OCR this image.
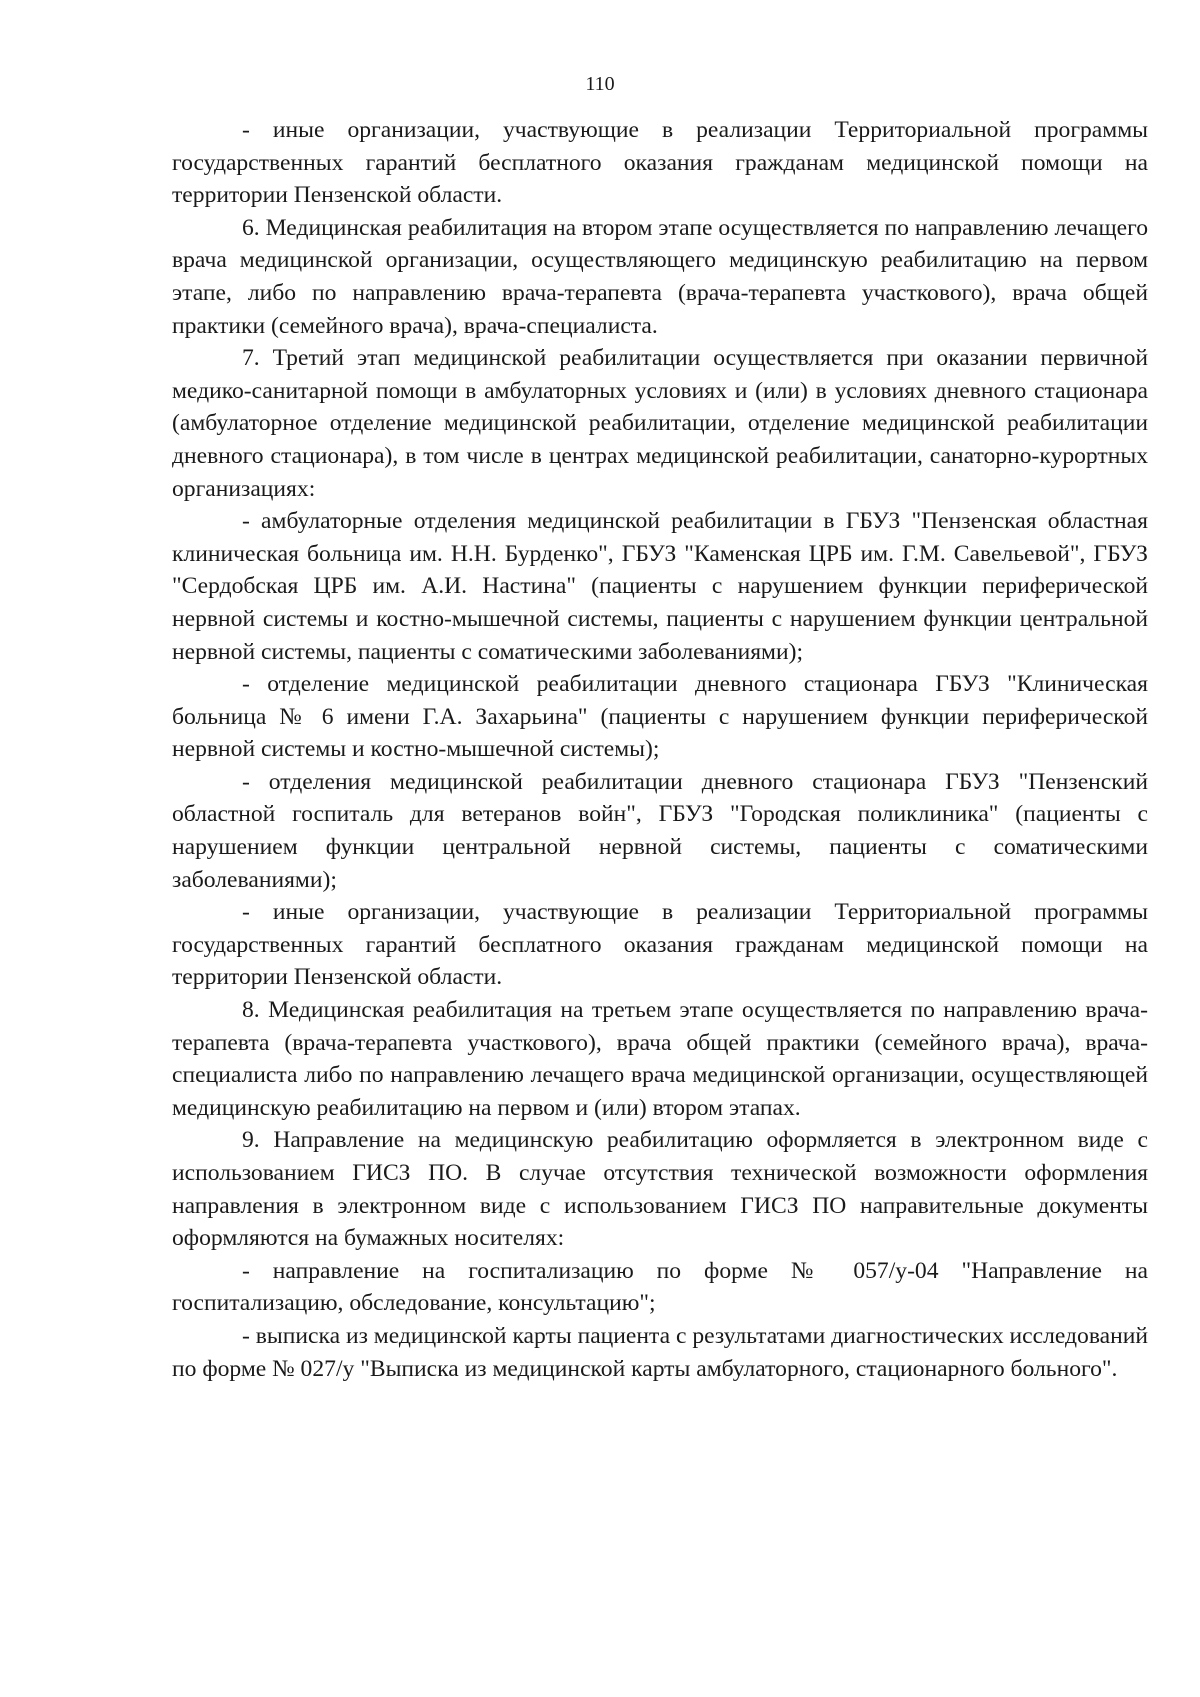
110

- иные организации, участвующие в реализации Территориальной программы государственных гарантий бесплатного оказания гражданам медицинской помощи на территории Пензенской области.

6. Медицинская реабилитация на втором этапе осуществляется по направлению лечащего врача медицинской организации, осуществляющего медицинскую реабилитацию на первом этапе, либо по направлению врача-терапевта (врача-терапевта участкового), врача общей практики (семейного врача), врача-специалиста.

7. Третий этап медицинской реабилитации осуществляется при оказании первичной медико-санитарной помощи в амбулаторных условиях и (или) в условиях дневного стационара (амбулаторное отделение медицинской реабилитации, отделение медицинской реабилитации дневного стационара), в том числе в центрах медицинской реабилитации, санаторно-курортных организациях:

- амбулаторные отделения медицинской реабилитации в ГБУЗ "Пензенская областная клиническая больница им. Н.Н. Бурденко", ГБУЗ "Каменская ЦРБ им. Г.М. Савельевой", ГБУЗ "Сердобская ЦРБ им. А.И. Настина" (пациенты с нарушением функции периферической нервной системы и костно-мышечной системы, пациенты с нарушением функции центральной нервной системы, пациенты с соматическими заболеваниями);

- отделение медицинской реабилитации дневного стационара ГБУЗ "Клиническая больница № 6 имени Г.А. Захарьина" (пациенты с нарушением функции периферической нервной системы и костно-мышечной системы);

- отделения медицинской реабилитации дневного стационара ГБУЗ "Пензенский областной госпиталь для ветеранов войн", ГБУЗ "Городская поликлиника" (пациенты с нарушением функции центральной нервной системы, пациенты с соматическими заболеваниями);

- иные организации, участвующие в реализации Территориальной программы государственных гарантий бесплатного оказания гражданам медицинской помощи на территории Пензенской области.

8. Медицинская реабилитация на третьем этапе осуществляется по направлению врача-терапевта (врача-терапевта участкового), врача общей практики (семейного врача), врача-специалиста либо по направлению лечащего врача медицинской организации, осуществляющей медицинскую реабилитацию на первом и (или) втором этапах.

9. Направление на медицинскую реабилитацию оформляется в электронном виде с использованием ГИСЗ ПО. В случае отсутствия технической возможности оформления направления в электронном виде с использованием ГИСЗ ПО направительные документы оформляются на бумажных носителях:

- направление на госпитализацию по форме № 057/у-04 "Направление на госпитализацию, обследование, консультацию";

- выписка из медицинской карты пациента с результатами диагностических исследований по форме № 027/у "Выписка из медицинской карты амбулаторного, стационарного больного".
